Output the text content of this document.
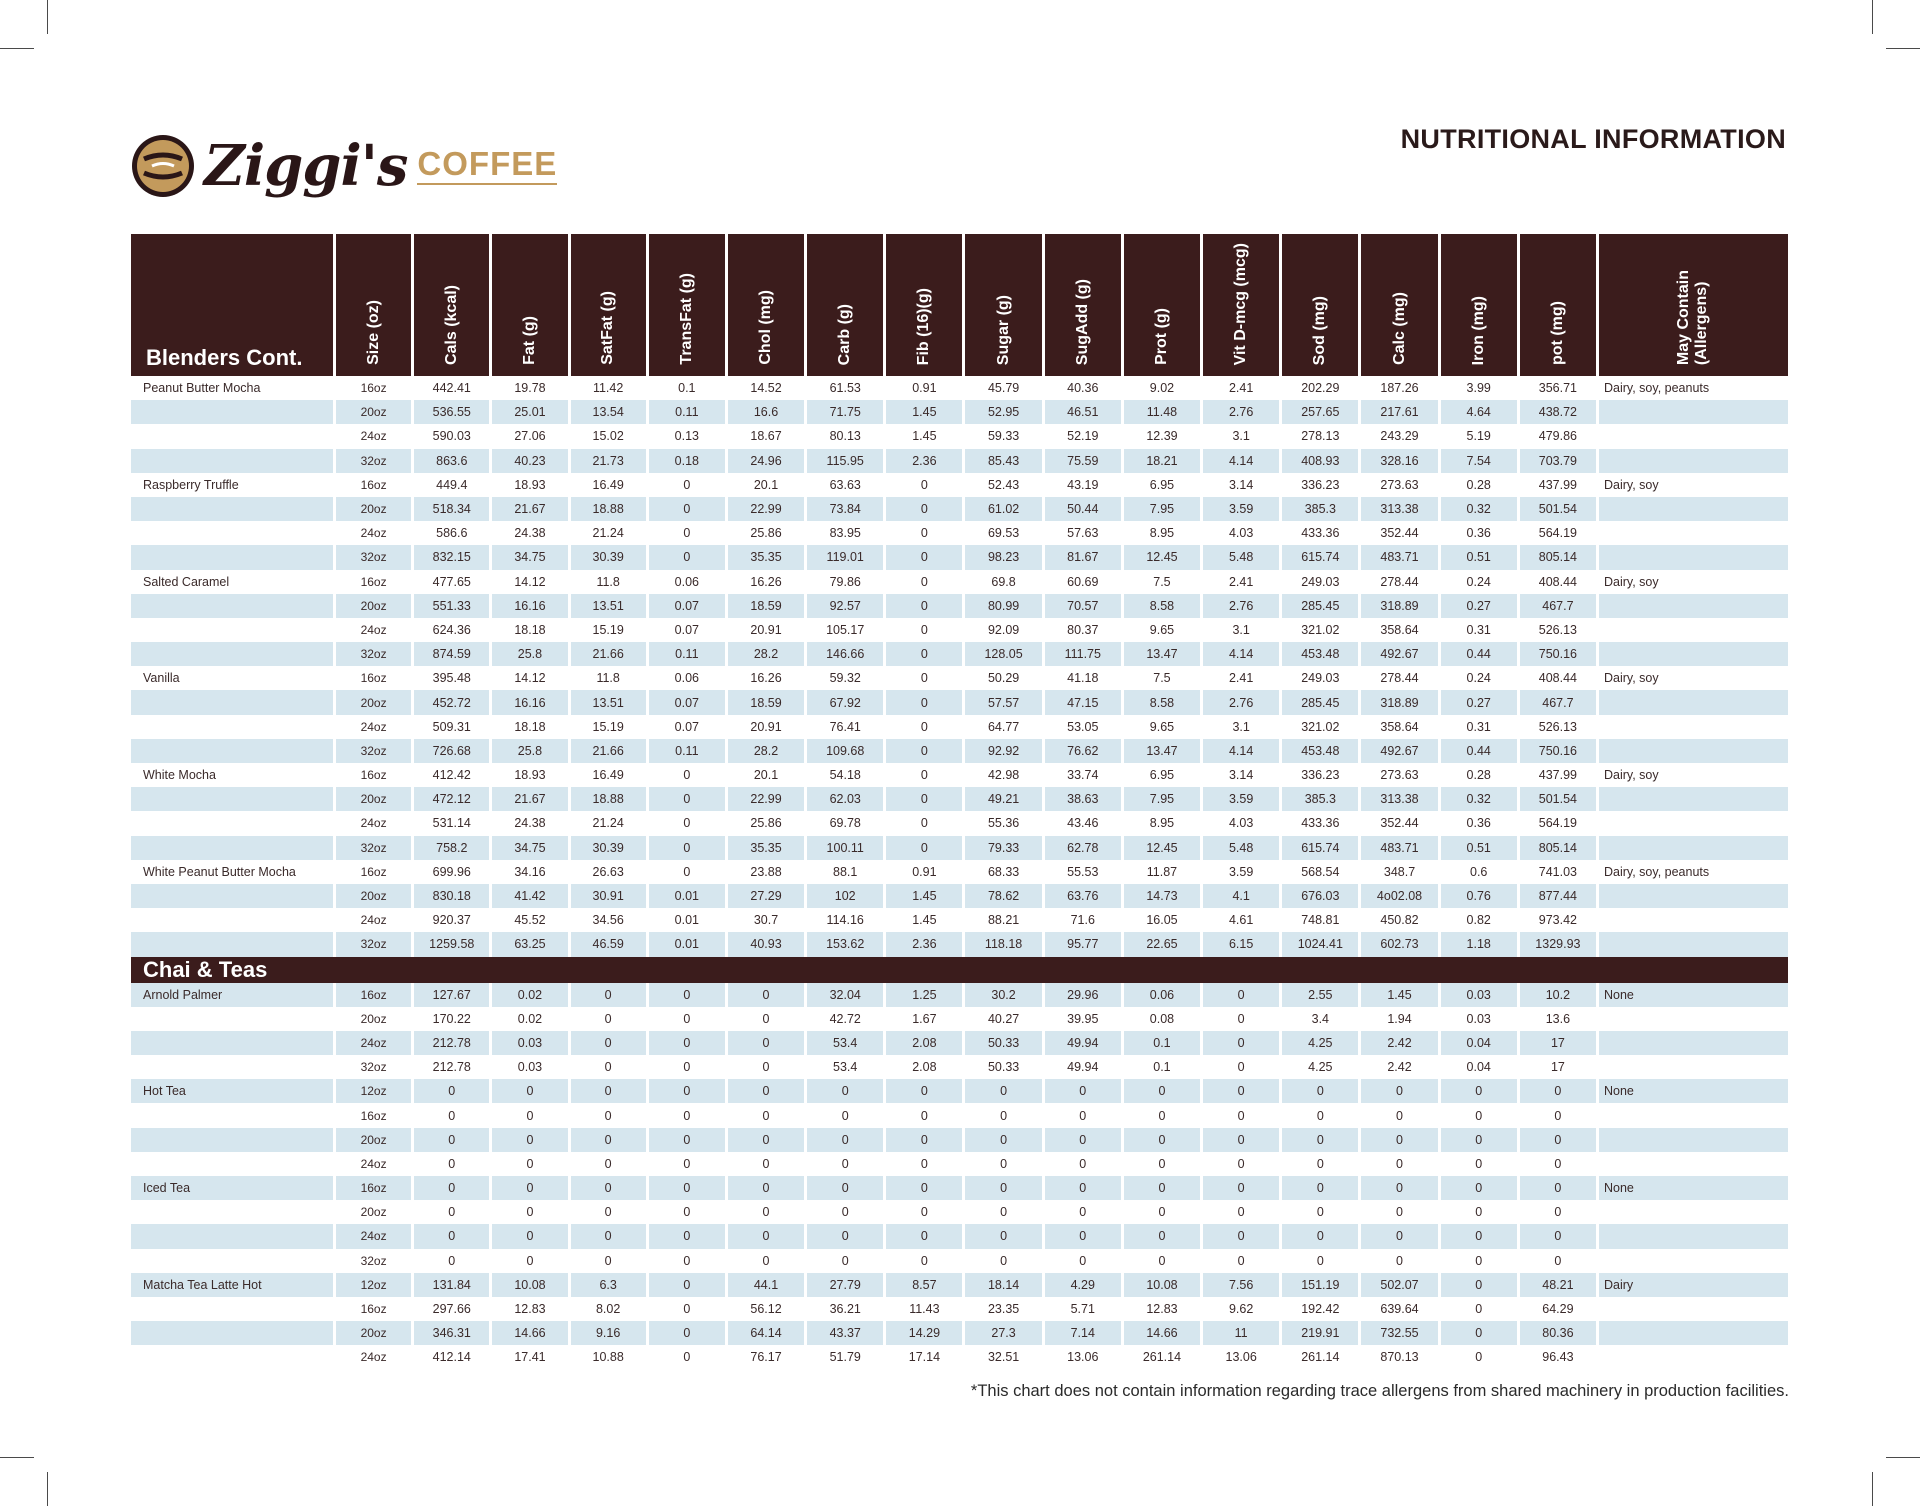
Ziggi's COFFEE
NUTRITIONAL INFORMATION
Blenders Cont.	Size (oz)	Cals (kcal)	Fat (g)	SatFat (g)	TransFat (g)	Chol (mg)	Carb (g)	Fib (16)(g)	Sugar (g)	SugAdd (g)	Prot (g)	Vit D-mcg (mcg)	Sod (mg)	Calc (mg)	Iron (mg)	pot (mg)	May Contain
(Allergens)
Peanut Butter Mocha	16oz	442.41	19.78	11.42	0.1	14.52	61.53	0.91	45.79	40.36	9.02	2.41	202.29	187.26	3.99	356.71	Dairy, soy, peanuts
	20oz	536.55	25.01	13.54	0.11	16.6	71.75	1.45	52.95	46.51	11.48	2.76	257.65	217.61	4.64	438.72	
	24oz	590.03	27.06	15.02	0.13	18.67	80.13	1.45	59.33	52.19	12.39	3.1	278.13	243.29	5.19	479.86	
	32oz	863.6	40.23	21.73	0.18	24.96	115.95	2.36	85.43	75.59	18.21	4.14	408.93	328.16	7.54	703.79	
Raspberry Truffle	16oz	449.4	18.93	16.49	0	20.1	63.63	0	52.43	43.19	6.95	3.14	336.23	273.63	0.28	437.99	Dairy, soy
	20oz	518.34	21.67	18.88	0	22.99	73.84	0	61.02	50.44	7.95	3.59	385.3	313.38	0.32	501.54	
	24oz	586.6	24.38	21.24	0	25.86	83.95	0	69.53	57.63	8.95	4.03	433.36	352.44	0.36	564.19	
	32oz	832.15	34.75	30.39	0	35.35	119.01	0	98.23	81.67	12.45	5.48	615.74	483.71	0.51	805.14	
Salted Caramel	16oz	477.65	14.12	11.8	0.06	16.26	79.86	0	69.8	60.69	7.5	2.41	249.03	278.44	0.24	408.44	Dairy, soy
	20oz	551.33	16.16	13.51	0.07	18.59	92.57	0	80.99	70.57	8.58	2.76	285.45	318.89	0.27	467.7	
	24oz	624.36	18.18	15.19	0.07	20.91	105.17	0	92.09	80.37	9.65	3.1	321.02	358.64	0.31	526.13	
	32oz	874.59	25.8	21.66	0.11	28.2	146.66	0	128.05	111.75	13.47	4.14	453.48	492.67	0.44	750.16	
Vanilla	16oz	395.48	14.12	11.8	0.06	16.26	59.32	0	50.29	41.18	7.5	2.41	249.03	278.44	0.24	408.44	Dairy, soy
	20oz	452.72	16.16	13.51	0.07	18.59	67.92	0	57.57	47.15	8.58	2.76	285.45	318.89	0.27	467.7	
	24oz	509.31	18.18	15.19	0.07	20.91	76.41	0	64.77	53.05	9.65	3.1	321.02	358.64	0.31	526.13	
	32oz	726.68	25.8	21.66	0.11	28.2	109.68	0	92.92	76.62	13.47	4.14	453.48	492.67	0.44	750.16	
White Mocha	16oz	412.42	18.93	16.49	0	20.1	54.18	0	42.98	33.74	6.95	3.14	336.23	273.63	0.28	437.99	Dairy, soy
	20oz	472.12	21.67	18.88	0	22.99	62.03	0	49.21	38.63	7.95	3.59	385.3	313.38	0.32	501.54	
	24oz	531.14	24.38	21.24	0	25.86	69.78	0	55.36	43.46	8.95	4.03	433.36	352.44	0.36	564.19	
	32oz	758.2	34.75	30.39	0	35.35	100.11	0	79.33	62.78	12.45	5.48	615.74	483.71	0.51	805.14	
White Peanut Butter Mocha	16oz	699.96	34.16	26.63	0	23.88	88.1	0.91	68.33	55.53	11.87	3.59	568.54	348.7	0.6	741.03	Dairy, soy, peanuts
	20oz	830.18	41.42	30.91	0.01	27.29	102	1.45	78.62	63.76	14.73	4.1	676.03	4o02.08	0.76	877.44	
	24oz	920.37	45.52	34.56	0.01	30.7	114.16	1.45	88.21	71.6	16.05	4.61	748.81	450.82	0.82	973.42	
	32oz	1259.58	63.25	46.59	0.01	40.93	153.62	2.36	118.18	95.77	22.65	6.15	1024.41	602.73	1.18	1329.93	
Chai & Teas																	
Arnold Palmer	16oz	127.67	0.02	0	0	0	32.04	1.25	30.2	29.96	0.06	0	2.55	1.45	0.03	10.2	None
	20oz	170.22	0.02	0	0	0	42.72	1.67	40.27	39.95	0.08	0	3.4	1.94	0.03	13.6	
	24oz	212.78	0.03	0	0	0	53.4	2.08	50.33	49.94	0.1	0	4.25	2.42	0.04	17	
	32oz	212.78	0.03	0	0	0	53.4	2.08	50.33	49.94	0.1	0	4.25	2.42	0.04	17	
Hot Tea	12oz	0	0	0	0	0	0	0	0	0	0	0	0	0	0	0	None
	16oz	0	0	0	0	0	0	0	0	0	0	0	0	0	0	0	
	20oz	0	0	0	0	0	0	0	0	0	0	0	0	0	0	0	
	24oz	0	0	0	0	0	0	0	0	0	0	0	0	0	0	0	
Iced Tea	16oz	0	0	0	0	0	0	0	0	0	0	0	0	0	0	0	None
	20oz	0	0	0	0	0	0	0	0	0	0	0	0	0	0	0	
	24oz	0	0	0	0	0	0	0	0	0	0	0	0	0	0	0	
	32oz	0	0	0	0	0	0	0	0	0	0	0	0	0	0	0	
Matcha Tea Latte Hot	12oz	131.84	10.08	6.3	0	44.1	27.79	8.57	18.14	4.29	10.08	7.56	151.19	502.07	0	48.21	Dairy
	16oz	297.66	12.83	8.02	0	56.12	36.21	11.43	23.35	5.71	12.83	9.62	192.42	639.64	0	64.29	
	20oz	346.31	14.66	9.16	0	64.14	43.37	14.29	27.3	7.14	14.66	11	219.91	732.55	0	80.36	
	24oz	412.14	17.41	10.88	0	76.17	51.79	17.14	32.51	13.06	261.14	13.06	261.14	870.13	0	96.43	
*This chart does not contain information regarding trace allergens from shared machinery in production facilities.
